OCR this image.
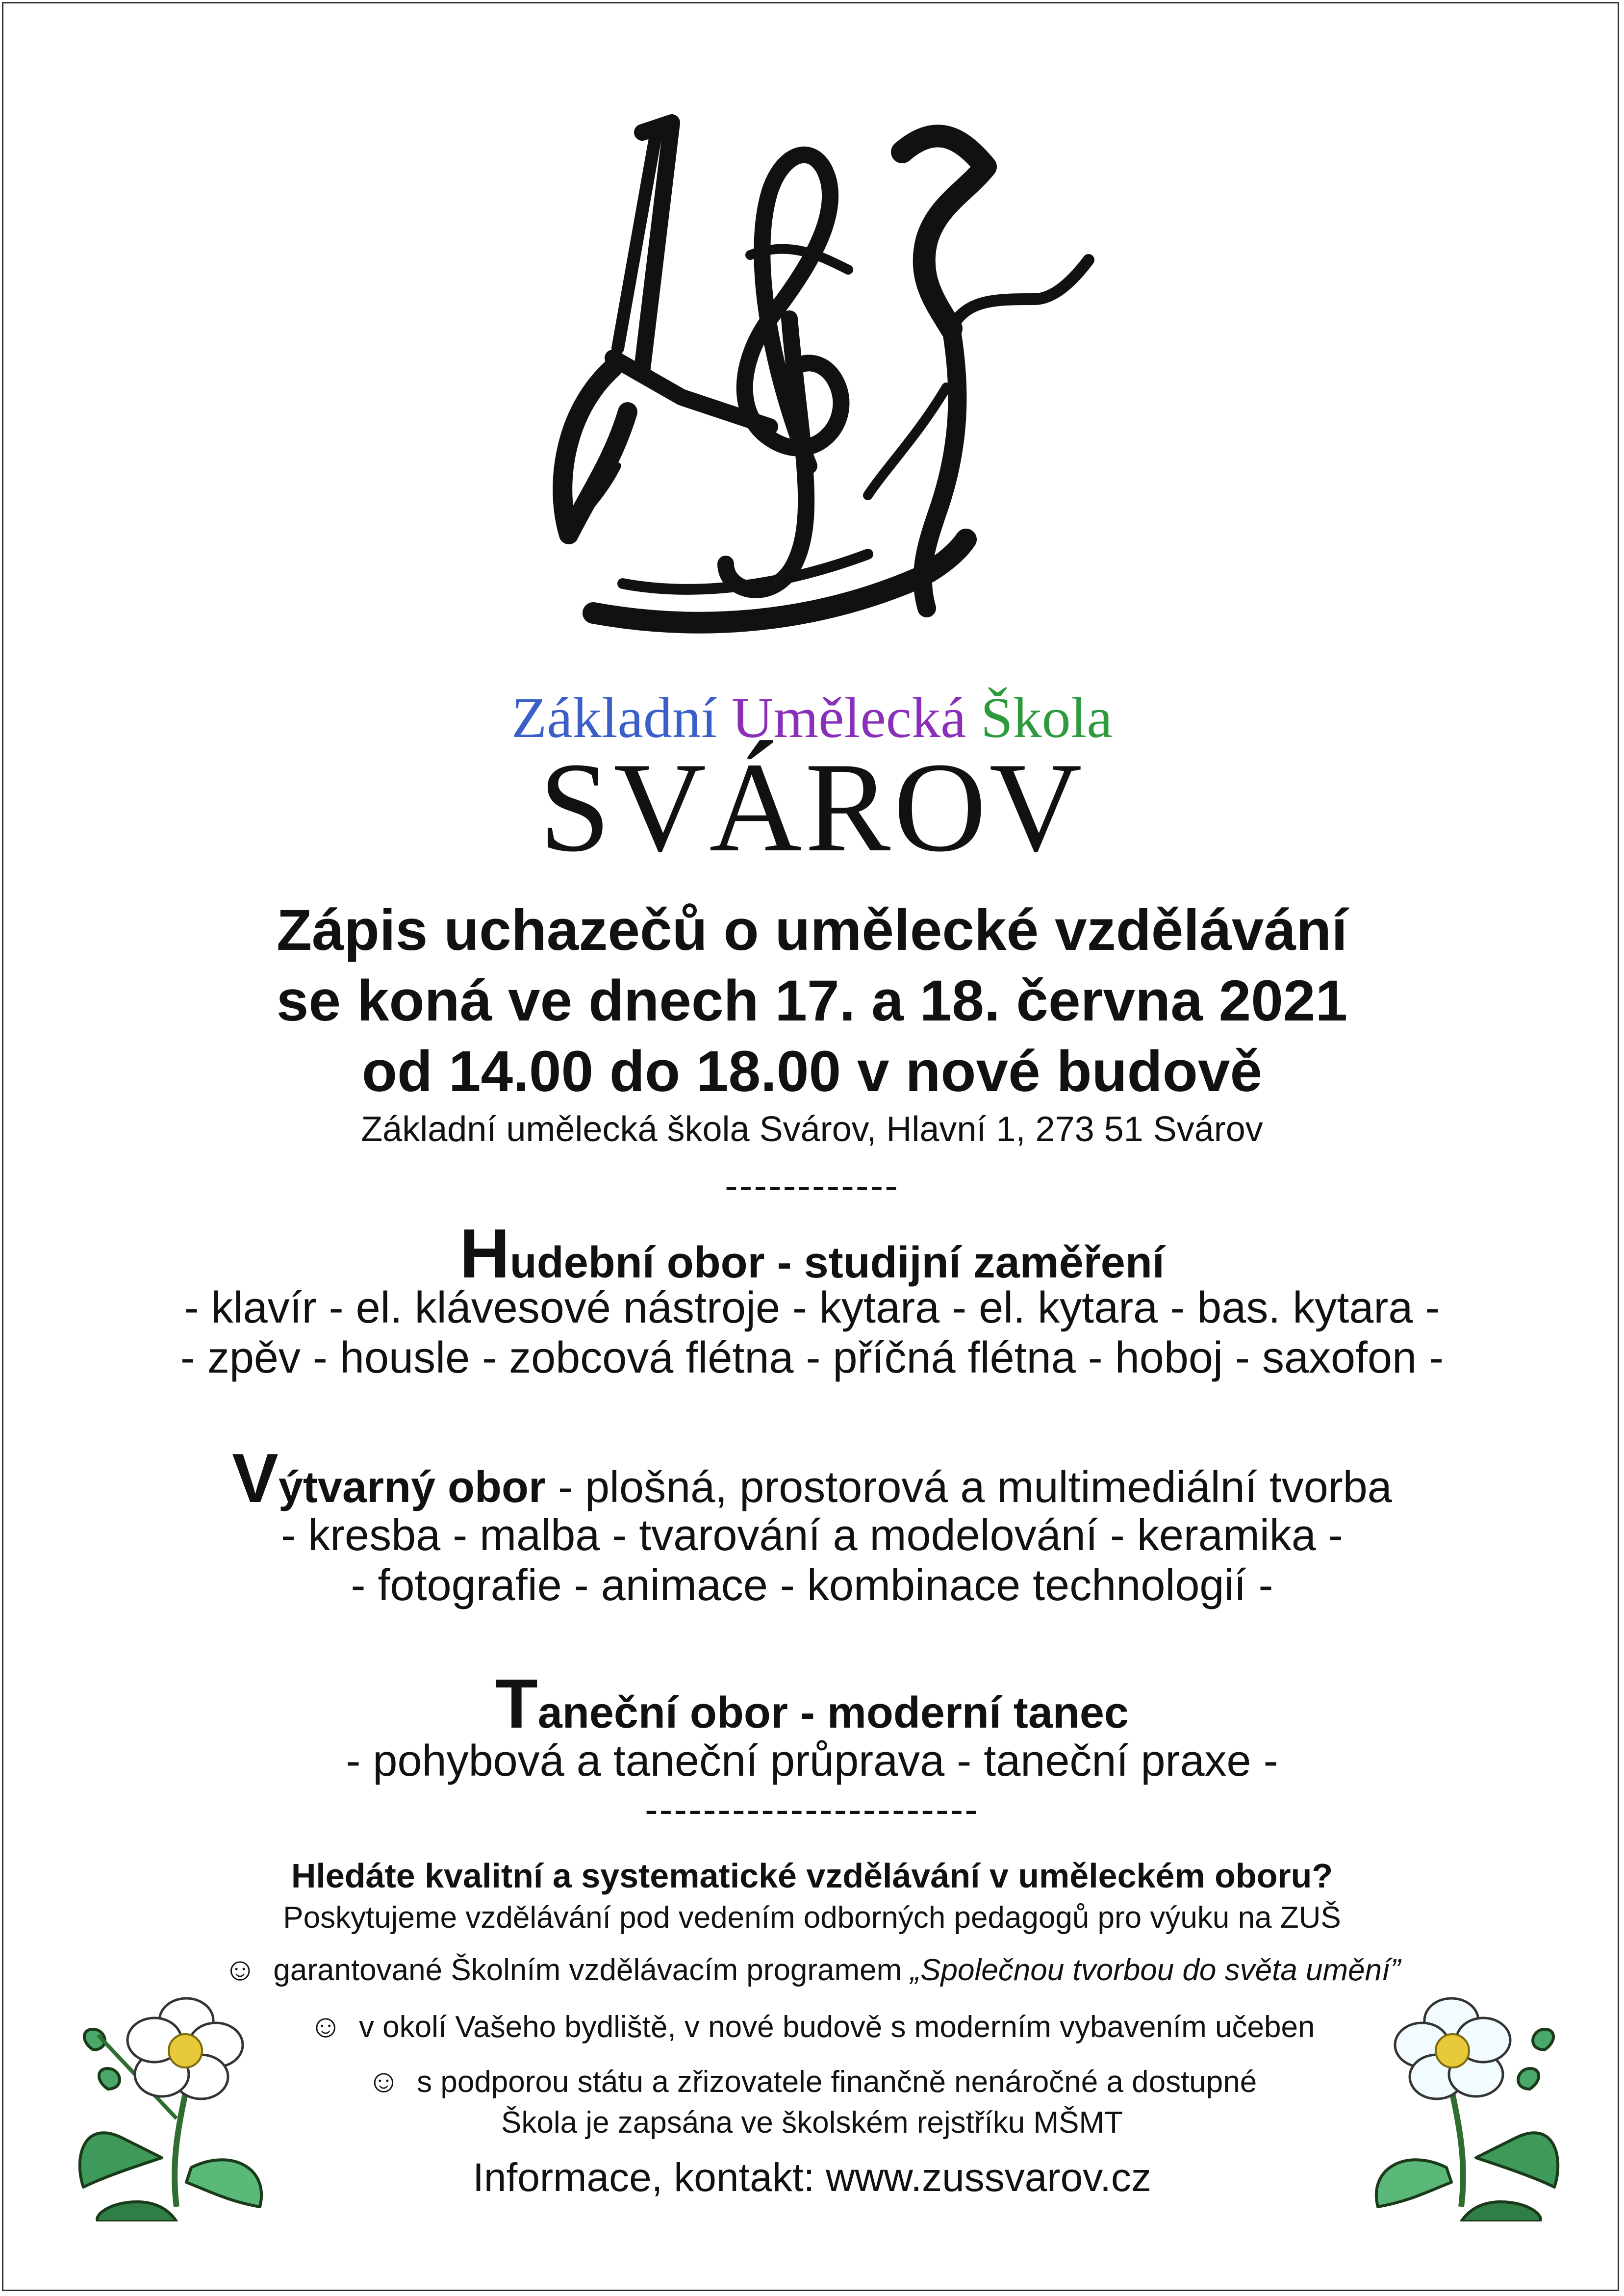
Základní Umělecká Škola
SVÁROV
Zápis uchazečů o umělecké vzdělávání
se koná ve dnech 17. a 18. června 2021
od 14.00 do 18.00 v nové budově
Základní umělecká škola Svárov, Hlavní 1, 273 51 Svárov
------------
Hudební obor - studijní zaměření
- klavír - el. klávesové nástroje - kytara - el. kytara - bas. kytara -
- zpěv - housle - zobcová flétna - příčná flétna - hoboj - saxofon -
Výtvarný obor - plošná, prostorová a multimediální tvorba
- kresba - malba - tvarování a modelování - keramika -
- fotografie - animace - kombinace technologií -
Taneční obor - moderní tanec
- pohybová a taneční průprava - taneční praxe -
-----------------------
Hledáte kvalitní a systematické vzdělávání v uměleckém oboru?
Poskytujeme vzdělávání pod vedením odborných pedagogů pro výuku na ZUŠ
☺ garantované Školním vzdělávacím programem „Společnou tvorbou do světa umění”
☺ v okolí Vašeho bydliště, v nové budově s moderním vybavením učeben
☺ s podporou státu a zřizovatele finančně nenáročné a dostupné
Škola je zapsána ve školském rejstříku MŠMT
Informace, kontakt: www.zussvarov.cz
